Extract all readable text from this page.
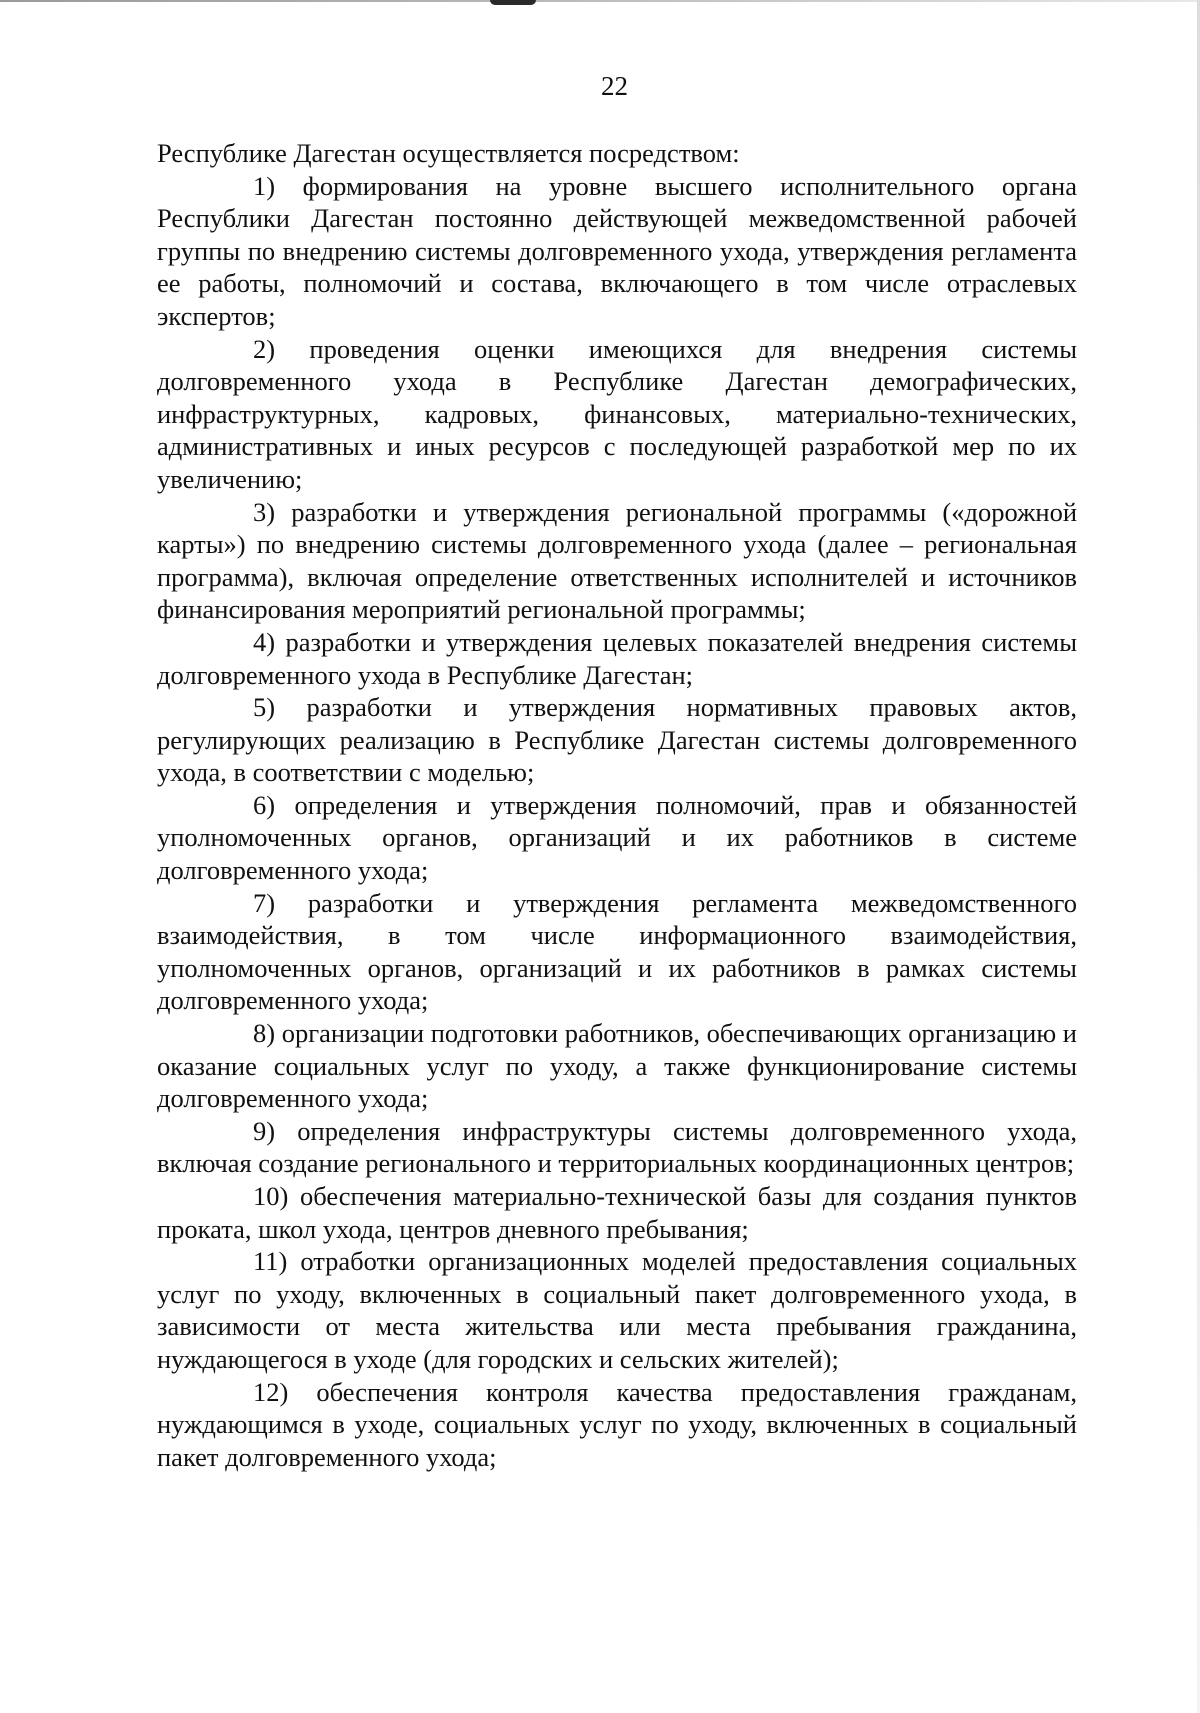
22

Республике Дагестан осуществляется посредством:

1) формирования на уровне высшего исполнительного органа Республики Дагестан постоянно действующей межведомственной рабочей группы по внедрению системы долговременного ухода, утверждения регламента ее работы, полномочий и состава, включающего в том числе отраслевых экспертов;

2) проведения оценки имеющихся для внедрения системы долговременного ухода в Республике Дагестан демографических, инфраструктурных, кадровых, финансовых, материально-технических, административных и иных ресурсов с последующей разработкой мер по их увеличению;

3) разработки и утверждения региональной программы («дорожной карты») по внедрению системы долговременного ухода (далее – региональная программа), включая определение ответственных исполнителей и источников финансирования мероприятий региональной программы;

4) разработки и утверждения целевых показателей внедрения системы долговременного ухода в Республике Дагестан;

5) разработки и утверждения нормативных правовых актов, регулирующих реализацию в Республике Дагестан системы долговременного ухода, в соответствии с моделью;

6) определения и утверждения полномочий, прав и обязанностей уполномоченных органов, организаций и их работников в системе долговременного ухода;

7) разработки и утверждения регламента межведомственного взаимодействия, в том числе информационного взаимодействия, уполномоченных органов, организаций и их работников в рамках системы долговременного ухода;

8) организации подготовки работников, обеспечивающих организацию и оказание социальных услуг по уходу, а также функционирование системы долговременного ухода;

9) определения инфраструктуры системы долговременного ухода, включая создание регионального и территориальных координационных центров;

10) обеспечения материально-технической базы для создания пунктов проката, школ ухода, центров дневного пребывания;

11) отработки организационных моделей предоставления социальных услуг по уходу, включенных в социальный пакет долговременного ухода, в зависимости от места жительства или места пребывания гражданина, нуждающегося в уходе (для городских и сельских жителей);

12) обеспечения контроля качества предоставления гражданам, нуждающимся в уходе, социальных услуг по уходу, включенных в социальный пакет долговременного ухода;
